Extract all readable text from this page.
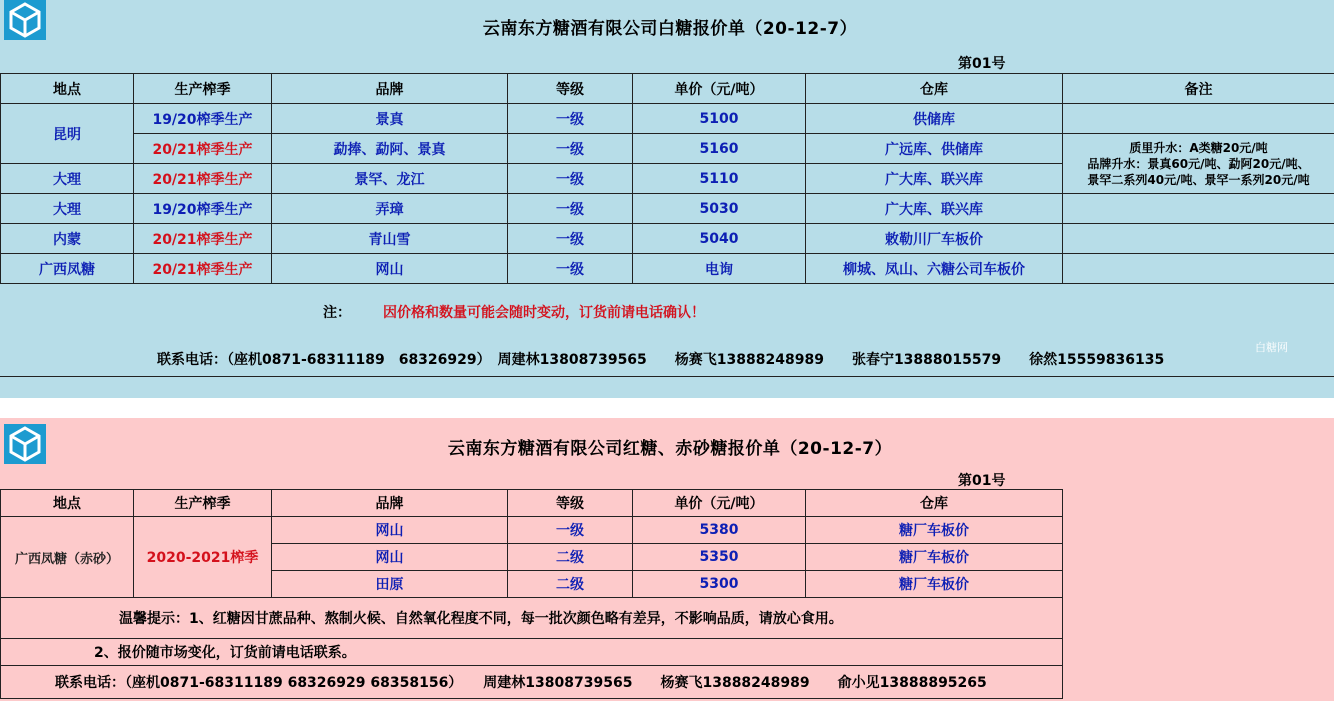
云南东方糖酒有限公司白糖报价单（20-12-7）
第01号
地点	生产榨季	品牌	等级	单价（元/吨）	仓库	备注
昆明	19/20榨季生产	景真	一级	5100	供储库	
	20/21榨季生产	勐捧、勐阿、景真	一级	5160	广远库、供储库	质里升水：A类糖20元/吨
品牌升水：景真60元/吨、勐阿20元/吨、
景罕二系列40元/吨、景罕一系列20元/吨

大理	20/21榨季生产	景罕、龙江	一级	5110	广大库、联兴库	
大理	19/20榨季生产	弄璋	一级	5030	广大库、联兴库	
内蒙	20/21榨季生产	青山雪	一级	5040	敕勒川厂车板价	
广西凤糖	20/21榨季生产	网山	一级	电询	柳城、凤山、六糖公司车板价	
注： 因价格和数量可能会随时变动，订货前请电话确认！
联系电话：（座机0871-68311189　68326929）　周建林13808739565　　杨赛飞13888248989　　张春宁13888015579　　徐然15559836135
白糖网
云南东方糖酒有限公司红糖、赤砂糖报价单（20-12-7）
第01号
地点	生产榨季	品牌	等级	单价（元/吨）	仓库
广西凤糖（赤砂）	2020-2021榨季	网山	一级	5380	糖厂车板价
		网山	二级	5350	糖厂车板价
		田原	二级	5300	糖厂车板价
温馨提示：1、红糖因甘蔗品种、熬制火候、自然氧化程度不同，每一批次颜色略有差异，不影响品质，请放心食用。					
2、报价随市场变化，订货前请电话联系。					
联系电话：（座机0871-68311189 68326929 68358156）　　周建林13808739565　　杨赛飞13888248989　　俞小见13888895265					
